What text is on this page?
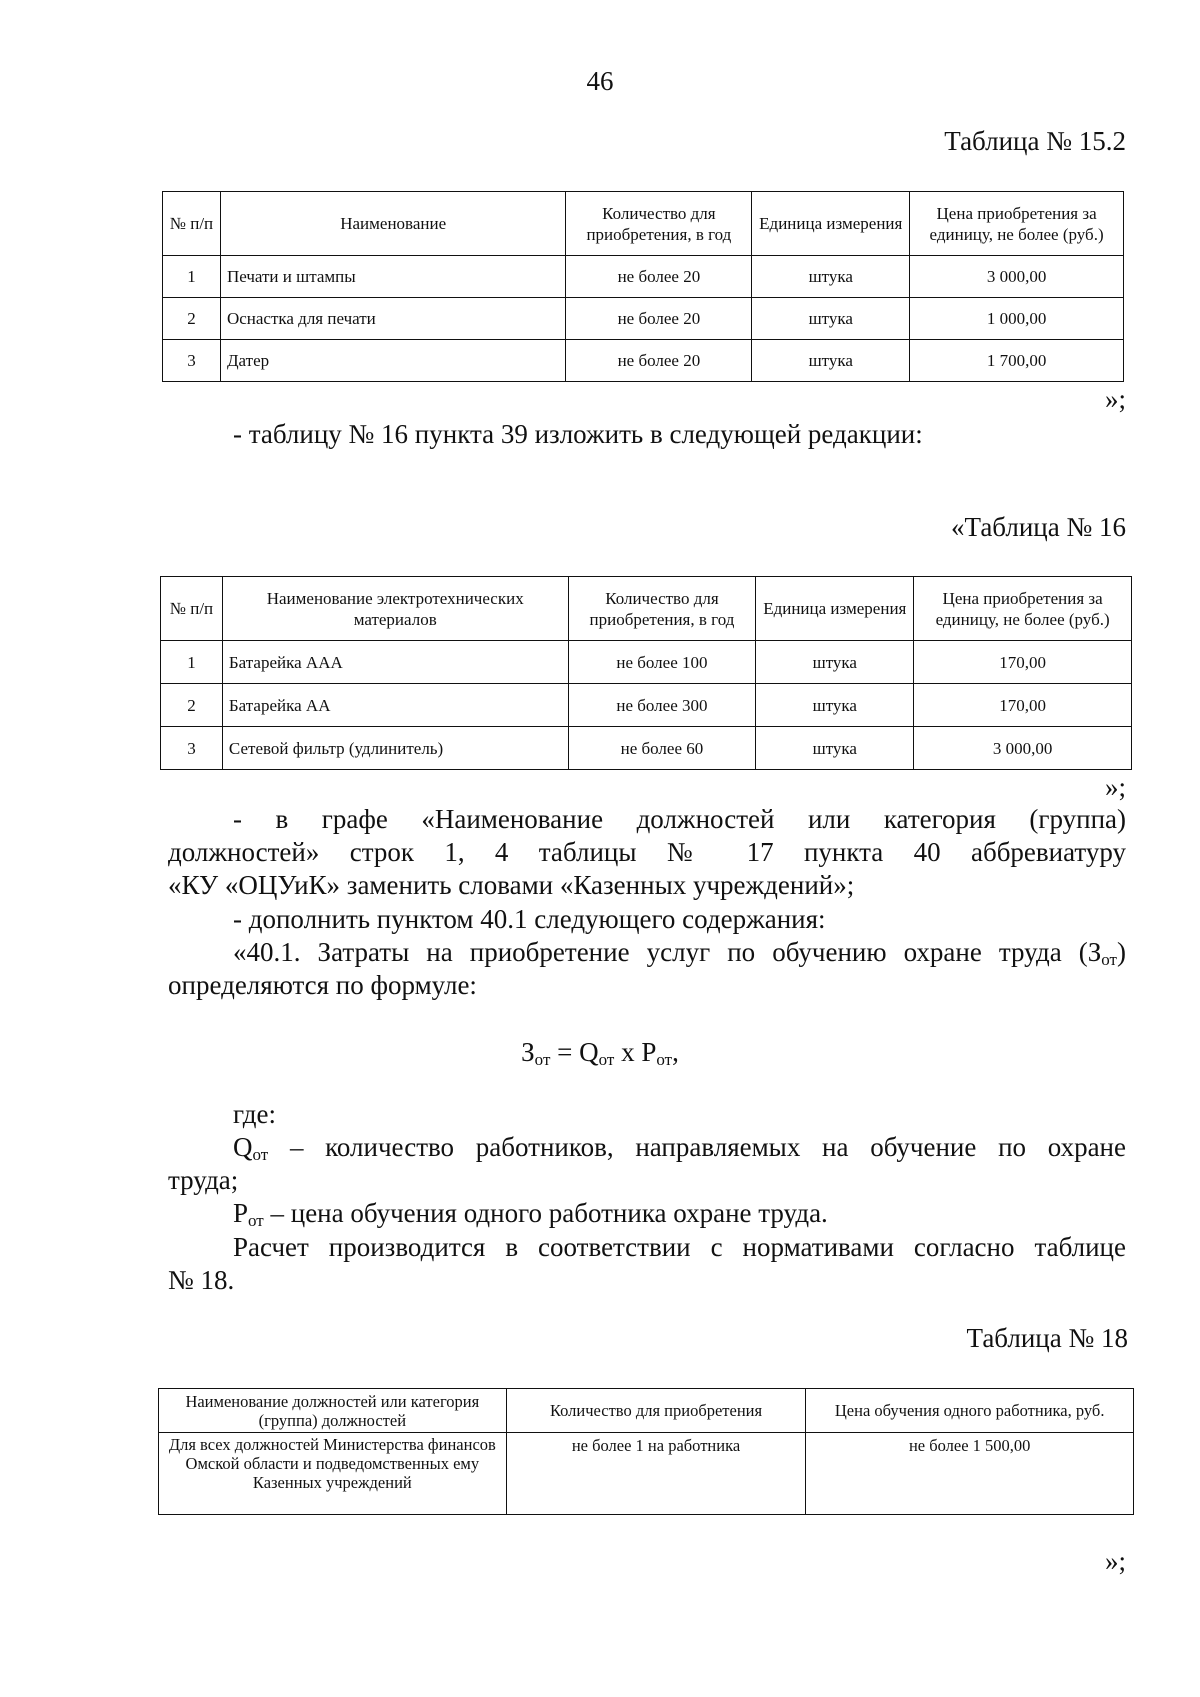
46
Таблица № 15.2
№ п/п	Наименование	Количество для приобретения, в год	Единица измерения	Цена приобретения за единицу, не более (руб.)
1	Печати и штампы	не более 20	штука	3 000,00
2	Оснастка для печати	не более 20	штука	1 000,00
3	Датер	не более 20	штука	1 700,00
»;
- таблицу № 16 пункта 39 изложить в следующей редакции:
«Таблица № 16
№ п/п	Наименование электротехнических материалов	Количество для приобретения, в год	Единица измерения	Цена приобретения за единицу, не более (руб.)
1	Батарейка ААА	не более 100	штука	170,00
2	Батарейка АА	не более 300	штука	170,00
3	Сетевой фильтр (удлинитель)	не более 60	штука	3 000,00
»;
- в графе «Наименование должностей или категория (группа)
должностей» строк 1, 4 таблицы № 17 пункта 40 аббревиатуру
«КУ «ОЦУиК» заменить словами «Казенных учреждений»;
- дополнить пунктом 40.1 следующего содержания:
«40.1. Затраты на приобретение услуг по обучению охране труда $(З_{от})$
определяются по формуле:
$З_{от} = Q_{от}$ x $P_{от}$,
где:
$Q_{от}$ – количество работников, направляемых на обучение по охране
труда;
$P_{от}$ – цена обучения одного работника охране труда.
Расчет производится в соответствии с нормативами согласно таблице
№ 18.
Таблица № 18
Наименование должностей или категория (группа) должностей	Количество для приобретения	Цена обучения одного работника, руб.
Для всех должностей Министерства финансов Омской области и подведомственных ему Казенных учреждений	не более 1 на работника	не более 1 500,00
»;
